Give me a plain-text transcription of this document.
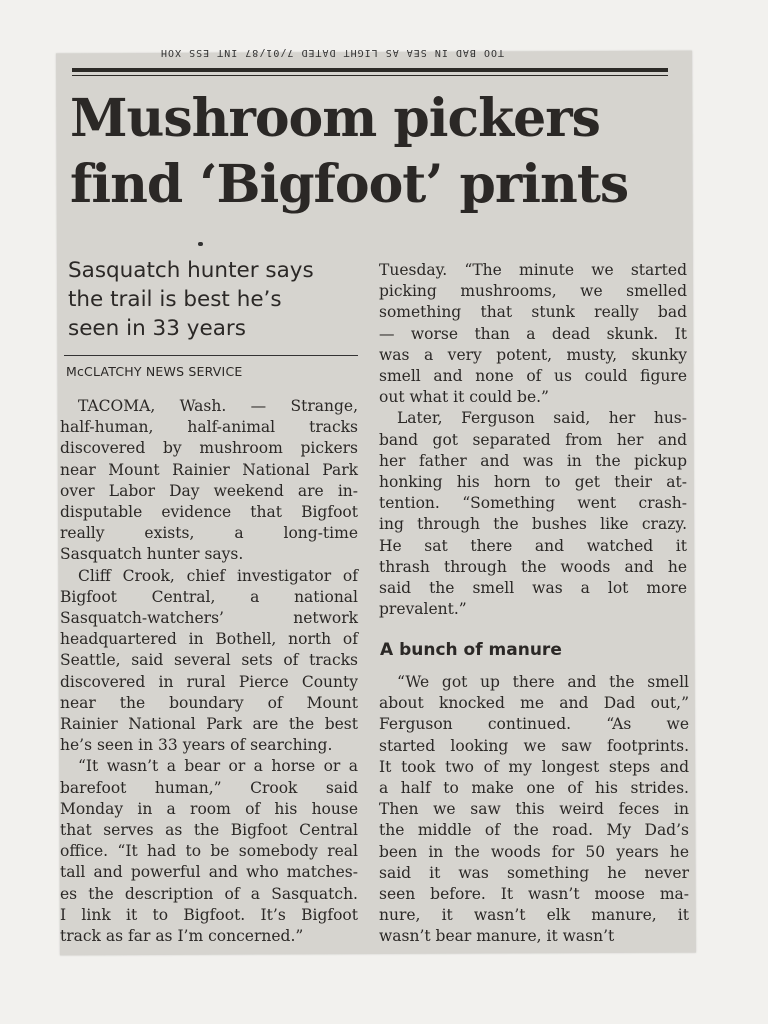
TOO BAD IN SEA AS LIGHT DATED 7/01/87 INT ESS XOH
Mushroom pickers
find ‘Bigfoot’ prints
Sasquatch hunter says
the trail is best he’s
seen in 33 years
McCLATCHY NEWS SERVICE
TACOMA, Wash. — Strange,
half-human, half-animal tracks
discovered by mushroom pickers
near Mount Rainier National Park
over Labor Day weekend are in-
disputable evidence that Bigfoot
really exists, a long-time
Sasquatch hunter says.
Cliff Crook, chief investigator of
Bigfoot Central, a national
Sasquatch-watchers’ network
headquartered in Bothell, north of
Seattle, said several sets of tracks
discovered in rural Pierce County
near the boundary of Mount
Rainier National Park are the best
he’s seen in 33 years of searching.
“It wasn’t a bear or a horse or a
barefoot human,” Crook said
Monday in a room of his house
that serves as the Bigfoot Central
office. “It had to be somebody real
tall and powerful and who matches-
es the description of a Sasquatch.
I link it to Bigfoot. It’s Bigfoot
track as far as I’m concerned.”
Tuesday. “The minute we started
picking mushrooms, we smelled
something that stunk really bad
— worse than a dead skunk. It
was a very potent, musty, skunky
smell and none of us could figure
out what it could be.”
Later, Ferguson said, her hus-
band got separated from her and
her father and was in the pickup
honking his horn to get their at-
tention. “Something went crash-
ing through the bushes like crazy.
He sat there and watched it
thrash through the woods and he
said the smell was a lot more
prevalent.”
A bunch of manure
“We got up there and the smell
about knocked me and Dad out,”
Ferguson continued. “As we
started looking we saw footprints.
It took two of my longest steps and
a half to make one of his strides.
Then we saw this weird feces in
the middle of the road. My Dad’s
been in the woods for 50 years he
said it was something he never
seen before. It wasn’t moose ma-
nure, it wasn’t elk manure, it
wasn’t bear manure, it wasn’t
